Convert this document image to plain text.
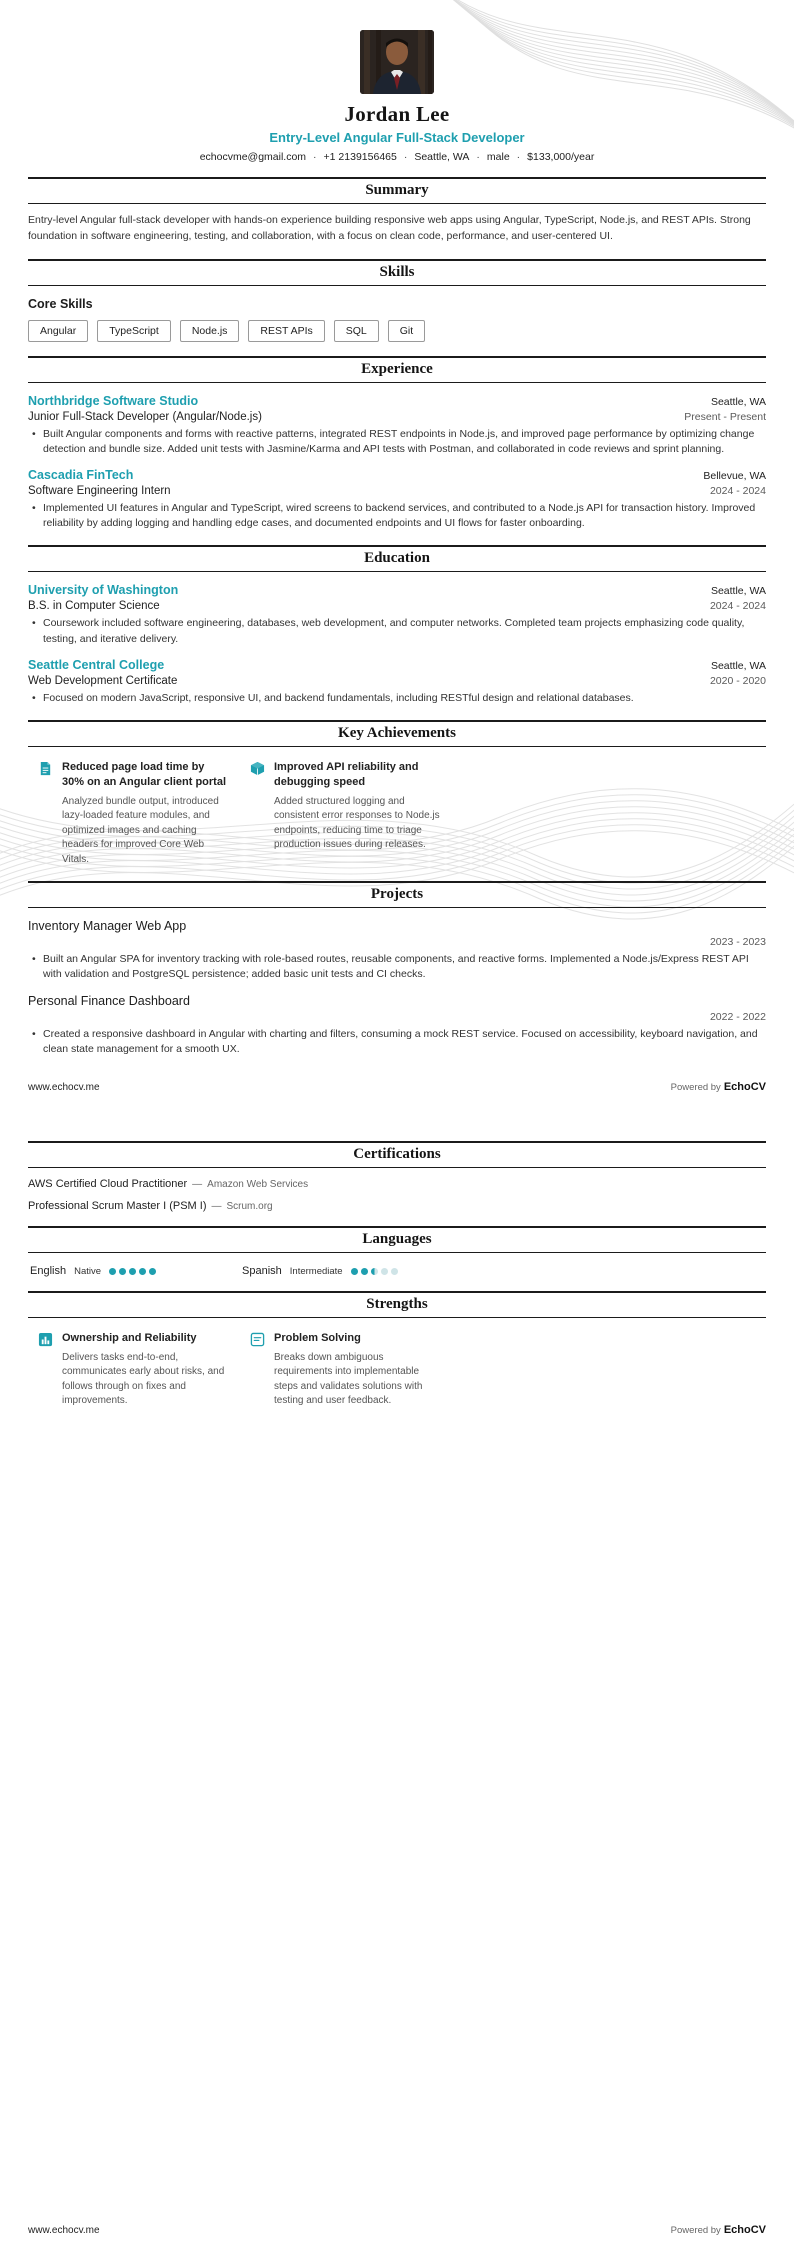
Jordan Lee
Entry-Level Angular Full-Stack Developer
echocvme@gmail.com · +1 2139156465 · Seattle, WA · male · $133,000/year
Summary

Entry-level Angular full-stack developer with hands-on experience building responsive web apps using Angular, TypeScript, Node.js, and REST APIs. Strong foundation in software engineering, testing, and collaboration, with a focus on clean code, performance, and user-centered UI.

Skills
Core Skills
Angular	TypeScript	Node.js	REST APIs	SQL	Git
Experience
Northbridge Software Studio	Seattle, WA
Junior Full-Stack Developer (Angular/Node.js)	Present - Present
• Built Angular components and forms with reactive patterns, integrated REST endpoints in Node.js, and improved page performance by optimizing change detection and bundle size. Added unit tests with Jasmine/Karma and API tests with Postman, and collaborated in code reviews and sprint planning.
Cascadia FinTech	Bellevue, WA
Software Engineering Intern	2024 - 2024
• Implemented UI features in Angular and TypeScript, wired screens to backend services, and contributed to a Node.js API for transaction history. Improved reliability by adding logging and handling edge cases, and documented endpoints and UI flows for faster onboarding.
Education
University of Washington	Seattle, WA
B.S. in Computer Science	2024 - 2024
• Coursework included software engineering, databases, web development, and computer networks. Completed team projects emphasizing code quality, testing, and iterative delivery.
Seattle Central College	Seattle, WA
Web Development Certificate	2020 - 2020
• Focused on modern JavaScript, responsive UI, and backend fundamentals, including RESTful design and relational databases.
Key Achievements
Reduced page load time by 30% on an Angular client portal
Analyzed bundle output, introduced lazy-loaded feature modules, and optimized images and caching headers for improved Core Web Vitals.
Improved API reliability and debugging speed
Added structured logging and consistent error responses to Node.js endpoints, reducing time to triage production issues during releases.
Projects
Inventory Manager Web App
2023 - 2023
• Built an Angular SPA for inventory tracking with role-based routes, reusable components, and reactive forms. Implemented a Node.js/Express REST API with validation and PostgreSQL persistence; added basic unit tests and CI checks.
Personal Finance Dashboard
2022 - 2022
• Created a responsive dashboard in Angular with charting and filters, consuming a mock REST service. Focused on accessibility, keyboard navigation, and clean state management for a smooth UX.
www.echocv.me	Powered by EchoCV
Certifications
AWS Certified Cloud Practitioner — Amazon Web Services
Professional Scrum Master I (PSM I) — Scrum.org
Languages
English Native	Spanish Intermediate
Strengths
Ownership and Reliability
Delivers tasks end-to-end, communicates early about risks, and follows through on fixes and improvements.
Problem Solving
Breaks down ambiguous requirements into implementable steps and validates solutions with testing and user feedback.
www.echocv.me	Powered by EchoCV
